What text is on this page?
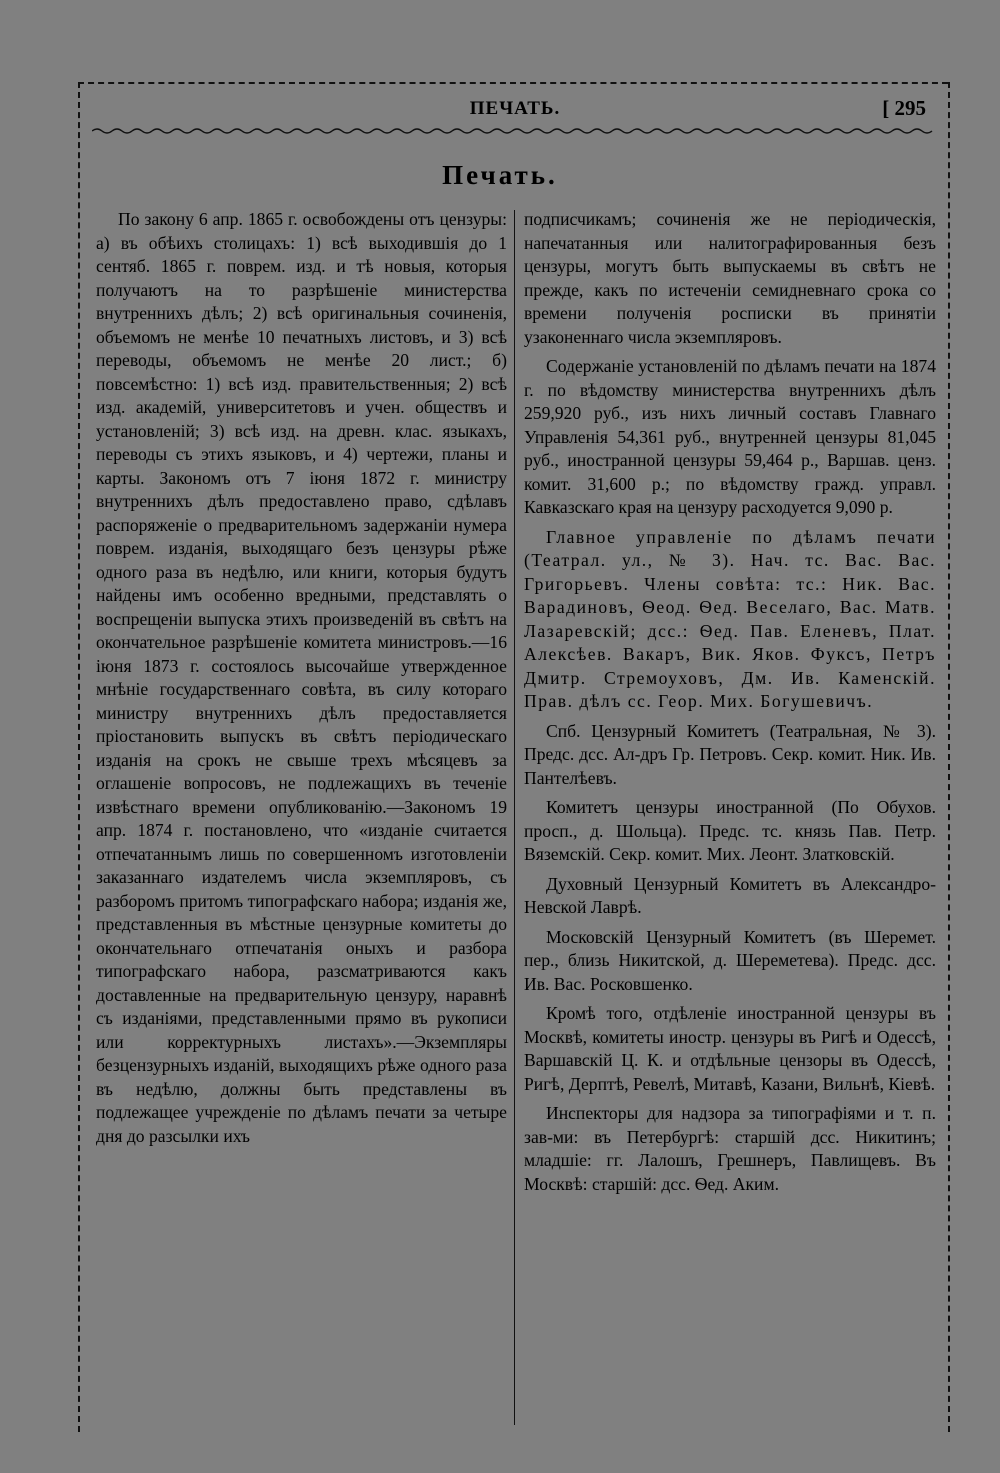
ПЕЧАТЬ.	[ 295
Печать.

По закону 6 апр. 1865 г. освобождены отъ цензуры: а) въ обѣихъ столицахъ: 1) всѣ выходившія до 1 сентяб. 1865 г. поврем. изд. и тѣ новыя, которыя получаютъ на то разрѣшеніе министерства внутреннихъ дѣлъ; 2) всѣ оригинальныя сочиненія, объемомъ не менѣе 10 печатныхъ листовъ, и 3) всѣ переводы, объемомъ не менѣе 20 лист.; б) повсемѣстно: 1) всѣ изд. правительственныя; 2) всѣ изд. академій, университетовъ и учен. обществъ и установленій; 3) всѣ изд. на древн. клас. языкахъ, переводы съ этихъ языковъ, и 4) чертежи, планы и карты. Закономъ отъ 7 іюня 1872 г. министру внутреннихъ дѣлъ предоставлено право, сдѣлавъ распоряженіе о предварительномъ задержаніи нумера поврем. изданія, выходящаго безъ цензуры рѣже одного раза въ недѣлю, или книги, которыя будутъ найдены имъ особенно вредными, представлять о воспрещеніи выпуска этихъ произведеній въ свѣтъ на окончательное разрѣшеніе комитета министровъ.—16 іюня 1873 г. состоялось высочайше утвержденное мнѣніе государственнаго совѣта, въ силу котораго министру внутреннихъ дѣлъ предоставляется пріостановить выпускъ въ свѣтъ періодическаго изданія на срокъ не свыше трехъ мѣсяцевъ за оглашеніе вопросовъ, не подлежащихъ въ теченіе извѣстнаго времени опубликованію.—Закономъ 19 апр. 1874 г. постановлено, что «изданіе считается отпечатаннымъ лишь по совершенномъ изготовленіи заказаннаго издателемъ числа экземпляровъ, съ разборомъ притомъ типографскаго набора; изданія же, представленныя въ мѣстные цензурные комитеты до окончательнаго отпечатанія оныхъ и разбора типографскаго набора, разсматриваются какъ доставленные на предварительную цензуру, наравнѣ съ изданіями, представленными прямо въ рукописи или корректурныхъ листахъ».—Экземпляры безцензурныхъ изданій, выходящихъ рѣже одного раза въ недѣлю, должны быть представлены въ подлежащее учрежденіе по дѣламъ печати за четыре дня до разсылки ихъ

подписчикамъ; сочиненія же не періодическія, напечатанныя или налитографированныя безъ цензуры, могутъ быть выпускаемы въ свѣтъ не прежде, какъ по истеченіи семидневнаго срока со времени полученія росписки въ принятіи узаконеннаго числа экземпляровъ.

Содержаніе установленій по дѣламъ печати на 1874 г. по вѣдомству министерства внутреннихъ дѣлъ 259,920 руб., изъ нихъ личный составъ Главнаго Управленія 54,361 руб., внутренней цензуры 81,045 руб., иностранной цензуры 59,464 р., Варшав. ценз. комит. 31,600 р.; по вѣдомству гражд. управл. Кавказскаго края на цензуру расходуется 9,090 р.

Главное управленіе по дѣламъ печати (Театрал. ул., № 3). Нач. тс. Вас. Вас. Григорьевъ. Члены совѣта: тс.: Ник. Вас. Варадиновъ, Ѳеод. Ѳед. Веселаго, Вас. Матв. Лазаревскій; дсс.: Ѳед. Пав. Еленевъ, Плат. Алексѣев. Вакаръ, Вик. Яков. Фуксъ, Петръ Дмитр. Стремоуховъ, Дм. Ив. Каменскій. Прав. дѣлъ сс. Геор. Мих. Богушевичъ.

Спб. Цензурный Комитетъ (Театральная, № 3). Предс. дсс. Ал-дръ Гр. Петровъ. Секр. комит. Ник. Ив. Пантелѣевъ.

Комитетъ цензуры иностранной (По Обухов. просп., д. Шольца). Предс. тс. князь Пав. Петр. Вяземскій. Секр. комит. Мих. Леонт. Златковскій.

Духовный Цензурный Комитетъ въ Александро-Невской Лаврѣ.

Московскій Цензурный Комитетъ (въ Шеремет. пер., близь Никитской, д. Шереметева). Предс. дсс. Ив. Вас. Росковшенко.

Кромѣ того, отдѣленіе иностранной цензуры въ Москвѣ, комитеты иностр. цензуры въ Ригѣ и Одессѣ, Варшавскій Ц. К. и отдѣльные цензоры въ Одессѣ, Ригѣ, Дерптѣ, Ревелѣ, Митавѣ, Казани, Вильнѣ, Кіевѣ.

Инспекторы для надзора за типографіями и т. п. зав-ми: въ Петербургѣ: старшій дсс. Никитинъ; младшіе: гг. Лалошъ, Грешнеръ, Павлищевъ. Въ Москвѣ: старшій: дсс. Ѳед. Аким.
